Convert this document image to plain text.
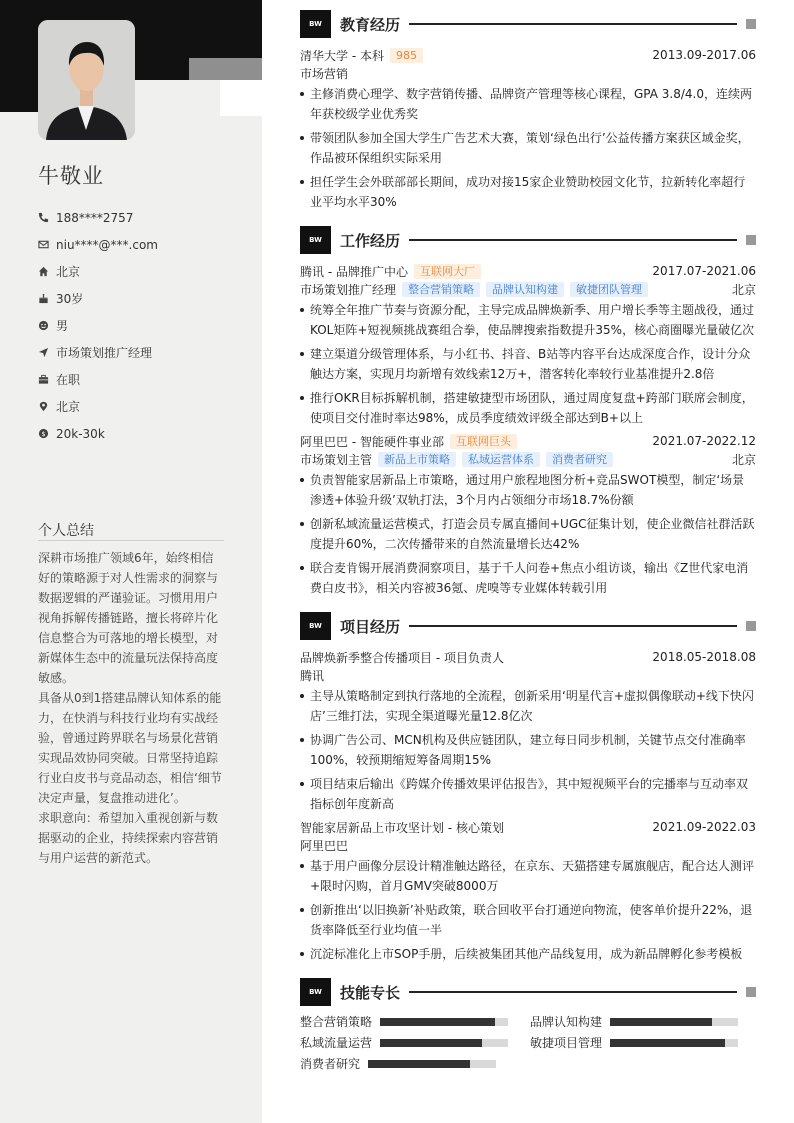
牛敬业
188****2757
niu****@***.com
北京
30岁
男
市场策划推广经理
在职
北京
$ 20k-30k
个人总结

深耕市场推广领域6年，始终相信好的策略源于对人性需求的洞察与数据逻辑的严谨验证。习惯用用户视角拆解传播链路，擅长将碎片化信息整合为可落地的增长模型，对新媒体生态中的流量玩法保持高度敏感。

具备从0到1搭建品牌认知体系的能力，在快消与科技行业均有实战经验，曾通过跨界联名与场景化营销实现品效协同突破。日常坚持追踪行业白皮书与竞品动态，相信‘细节决定声量，复盘推动进化’。

求职意向：希望加入重视创新与数据驱动的企业，持续探索内容营销与用户运营的新范式。

BW	教育经历
清华大学 - 本科	985	2013.09-2017.06
市场营销
主修消费心理学、数字营销传播、品牌资产管理等核心课程，GPA 3.8/4.0，连续两年获校级学业优秀奖
带领团队参加全国大学生广告艺术大赛，策划‘绿色出行’公益传播方案获区域金奖，作品被环保组织实际采用
担任学生会外联部部长期间，成功对接15家企业赞助校园文化节，拉新转化率超行业平均水平30%
BW	工作经历
腾讯 - 品牌推广中心	互联网大厂	2017.07-2021.06
市场策划推广经理	整合营销策略	品牌认知构建	敏捷团队管理	北京
统筹全年推广节奏与资源分配，主导完成品牌焕新季、用户增长季等主题战役，通过KOL矩阵+短视频挑战赛组合拳，使品牌搜索指数提升35%，核心商圈曝光量破亿次
建立渠道分级管理体系，与小红书、抖音、B站等内容平台达成深度合作，设计分众触达方案，实现月均新增有效线索12万+，潜客转化率较行业基准提升2.8倍
推行OKR目标拆解机制，搭建敏捷型市场团队，通过周度复盘+跨部门联席会制度，使项目交付准时率达98%，成员季度绩效评级全部达到B+以上
阿里巴巴 - 智能硬件事业部	互联网巨头	2021.07-2022.12
市场策划主管	新品上市策略	私域运营体系	消费者研究	北京
负责智能家居新品上市策略，通过用户旅程地图分析+竞品SWOT模型，制定‘场景渗透+体验升级’双轨打法，3个月内占领细分市场18.7%份额
创新私域流量运营模式，打造会员专属直播间+UGC征集计划，使企业微信社群活跃度提升60%，二次传播带来的自然流量增长达42%
联合麦肯锡开展消费洞察项目，基于千人问卷+焦点小组访谈，输出《Z世代家电消费白皮书》，相关内容被36氪、虎嗅等专业媒体转载引用
BW	项目经历
品牌焕新季整合传播项目 - 项目负责人	2018.05-2018.08
腾讯
主导从策略制定到执行落地的全流程，创新采用‘明星代言+虚拟偶像联动+线下快闪店’三维打法，实现全渠道曝光量12.8亿次
协调广告公司、MCN机构及供应链团队，建立每日同步机制，关键节点交付准确率100%，较预期缩短筹备周期15%
项目结束后输出《跨媒介传播效果评估报告》，其中短视频平台的完播率与互动率双指标创年度新高
智能家居新品上市攻坚计划 - 核心策划	2021.09-2022.03
阿里巴巴
基于用户画像分层设计精准触达路径，在京东、天猫搭建专属旗舰店，配合达人测评+限时闪购，首月GMV突破8000万
创新推出‘以旧换新’补贴政策，联合回收平台打通逆向物流，使客单价提升22%，退货率降低至行业均值一半
沉淀标准化上市SOP手册，后续被集团其他产品线复用，成为新品牌孵化参考模板
BW	技能专长
整合营销策略	品牌认知构建
私域流量运营	敏捷项目管理
消费者研究
